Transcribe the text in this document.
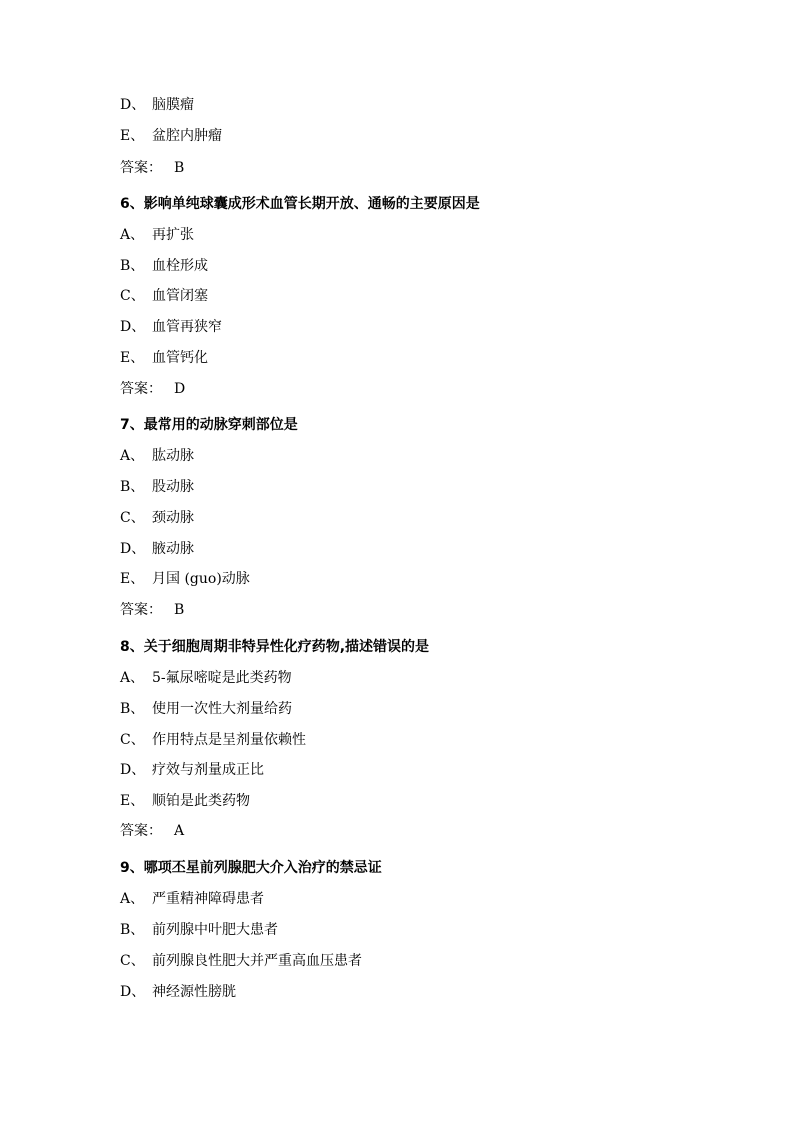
D、 脑膜瘤
E、 盆腔内肿瘤
答案： B
6、影响单纯球囊成形术血管长期开放、通畅的主要原因是
A、 再扩张
B、 血栓形成
C、 血管闭塞
D、 血管再狭窄
E、 血管钙化
答案： D
7、最常用的动脉穿刺部位是
A、 肱动脉
B、 股动脉
C、 颈动脉
D、 腋动脉
E、 月国 (guo)动脉
答案： B
8、关于细胞周期非特异性化疗药物,描述错误的是
A、 5-氟尿嘧啶是此类药物
B、 使用一次性大剂量给药
C、 作用特点是呈剂量依赖性
D、 疗效与剂量成正比
E、 顺铂是此类药物
答案： A
9、哪项丕星前列腺肥大介入治疗的禁忌证
A、 严重精神障碍患者
B、 前列腺中叶肥大患者
C、 前列腺良性肥大并严重高血压患者
D、 神经源性膀胱
